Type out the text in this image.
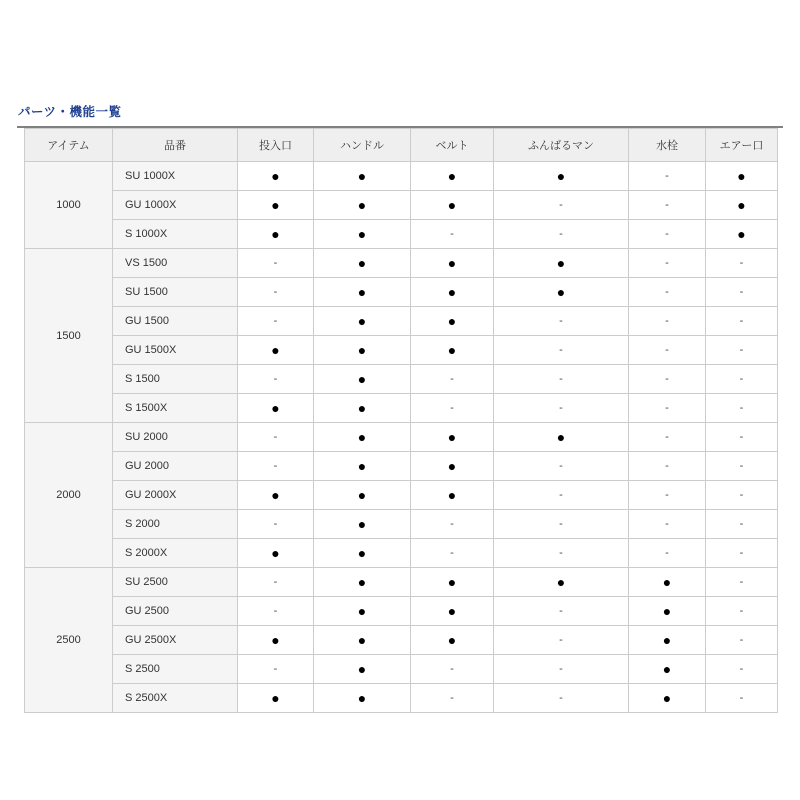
パーツ・機能一覧
アイテム	品番	投入口	ハンドル	ベルト	ふんばるマン	水栓	エアー口
1000	SU 1000X	●	●	●	●	-	●
	GU 1000X	●	●	●	-	-	●
	S 1000X	●	●	-	-	-	●
1500	VS 1500	-	●	●	●	-	-
	SU 1500	-	●	●	●	-	-
	GU 1500	-	●	●	-	-	-
	GU 1500X	●	●	●	-	-	-
	S 1500	-	●	-	-	-	-
	S 1500X	●	●	-	-	-	-
2000	SU 2000	-	●	●	●	-	-
	GU 2000	-	●	●	-	-	-
	GU 2000X	●	●	●	-	-	-
	S 2000	-	●	-	-	-	-
	S 2000X	●	●	-	-	-	-
2500	SU 2500	-	●	●	●	●	-
	GU 2500	-	●	●	-	●	-
	GU 2500X	●	●	●	-	●	-
	S 2500	-	●	-	-	●	-
	S 2500X	●	●	-	-	●	-
